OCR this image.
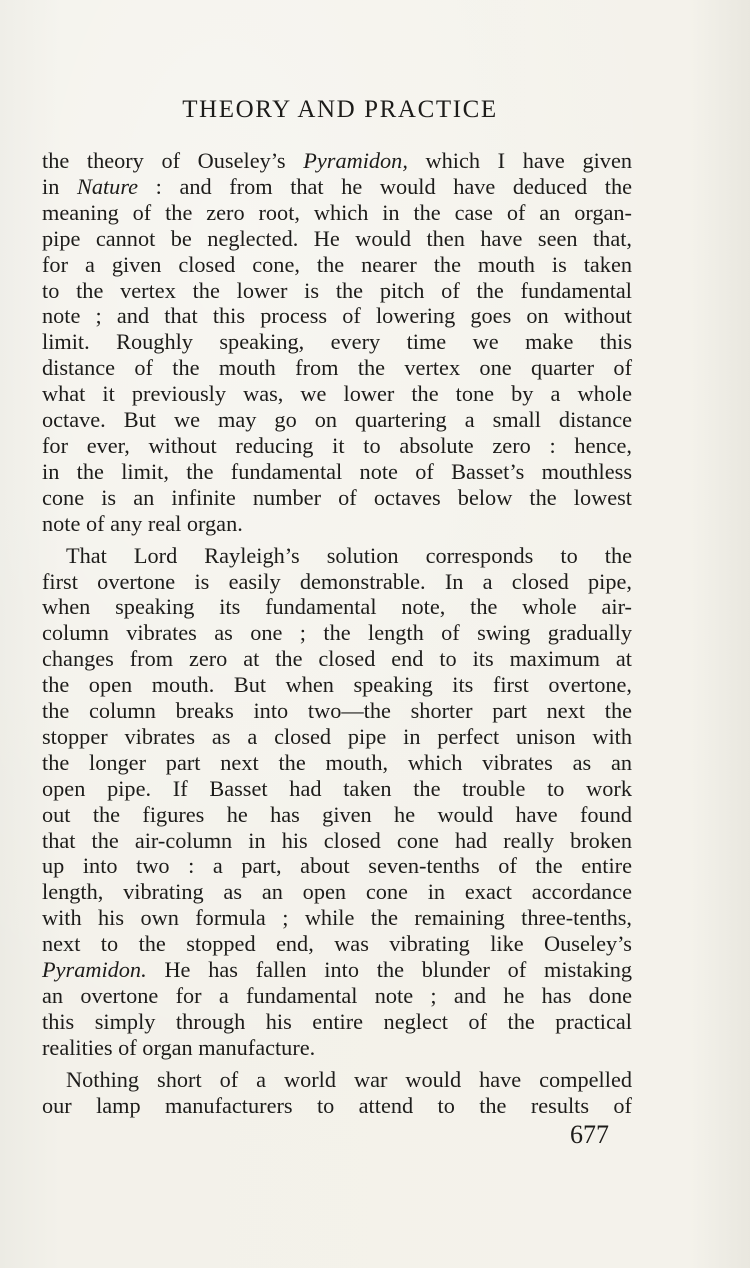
THEORY AND PRACTICE
the theory of Ouseley’s Pyramidon, which I have given
in Nature : and from that he would have deduced the
meaning of the zero root, which in the case of an organ-
pipe cannot be neglected. He would then have seen that,
for a given closed cone, the nearer the mouth is taken
to the vertex the lower is the pitch of the fundamental
note ; and that this process of lowering goes on without
limit. Roughly speaking, every time we make this
distance of the mouth from the vertex one quarter of
what it previously was, we lower the tone by a whole
octave. But we may go on quartering a small distance
for ever, without reducing it to absolute zero : hence,
in the limit, the fundamental note of Basset’s mouthless
cone is an infinite number of octaves below the lowest
note of any real organ.
That Lord Rayleigh’s solution corresponds to the
first overtone is easily demonstrable. In a closed pipe,
when speaking its fundamental note, the whole air-
column vibrates as one ; the length of swing gradually
changes from zero at the closed end to its maximum at
the open mouth. But when speaking its first overtone,
the column breaks into two—the shorter part next the
stopper vibrates as a closed pipe in perfect unison with
the longer part next the mouth, which vibrates as an
open pipe. If Basset had taken the trouble to work
out the figures he has given he would have found
that the air-column in his closed cone had really broken
up into two : a part, about seven-tenths of the entire
length, vibrating as an open cone in exact accordance
with his own formula ; while the remaining three-tenths,
next to the stopped end, was vibrating like Ouseley’s
Pyramidon. He has fallen into the blunder of mistaking
an overtone for a fundamental note ; and he has done
this simply through his entire neglect of the practical
realities of organ manufacture.
Nothing short of a world war would have compelled
our lamp manufacturers to attend to the results of
677
